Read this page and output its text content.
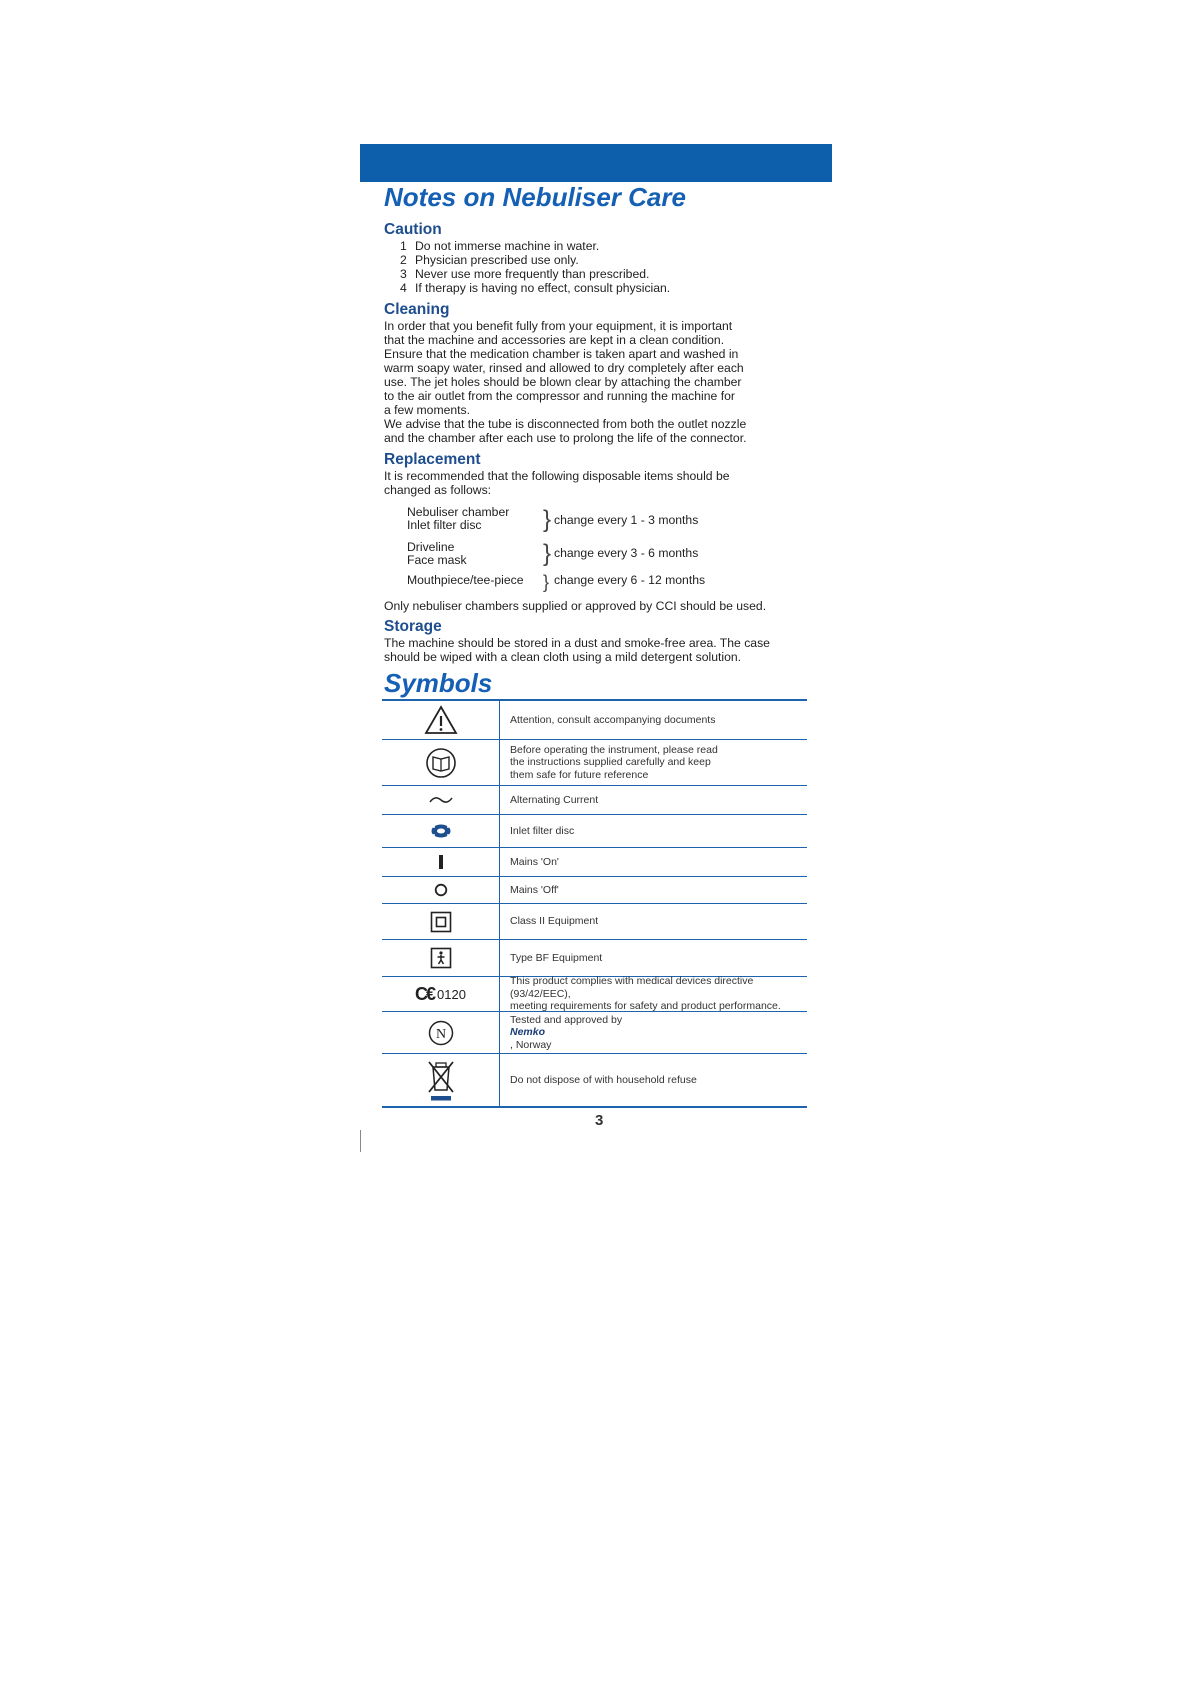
Notes on Nebuliser Care
Caution
1 Do not immerse machine in water.
2 Physician prescribed use only.
3 Never use more frequently than prescribed.
4 If therapy is having no effect, consult physician.
Cleaning

In order that you benefit fully from your equipment, it is important

that the machine and accessories are kept in a clean condition.

Ensure that the medication chamber is taken apart and washed in

warm soapy water, rinsed and allowed to dry completely after each

use. The jet holes should be blown clear by attaching the chamber

to the air outlet from the compressor and running the machine for

a few moments.

We advise that the tube is disconnected from both the outlet nozzle

and the chamber after each use to prolong the life of the connector.

Replacement

It is recommended that the following disposable items should be

changed as follows:

Nebuliser chamber
Inlet filter disc	} change every 1 - 3 months
Driveline
Face mask	} change every 3 - 6 months
Mouthpiece/tee-piece } change every 6 - 12 months
Only nebuliser chambers supplied or approved by CCI should be used.
Storage

The machine should be stored in a dust and smoke-free area. The case

should be wiped with a clean cloth using a mild detergent solution.

Symbols
Attention, consult accompanying documents
Before operating the instrument, please read
the instructions supplied carefully and keep
them safe for future reference
Alternating Current
Inlet filter disc
Mains 'On'
Mains 'Off'
Class II Equipment
Type BF Equipment
C€ 0120
This product complies with medical devices directive (93/42/EEC),
meeting requirements for safety and product performance.
N
Tested and approved by
Nemko
, Norway
Do not dispose of with household refuse
3
